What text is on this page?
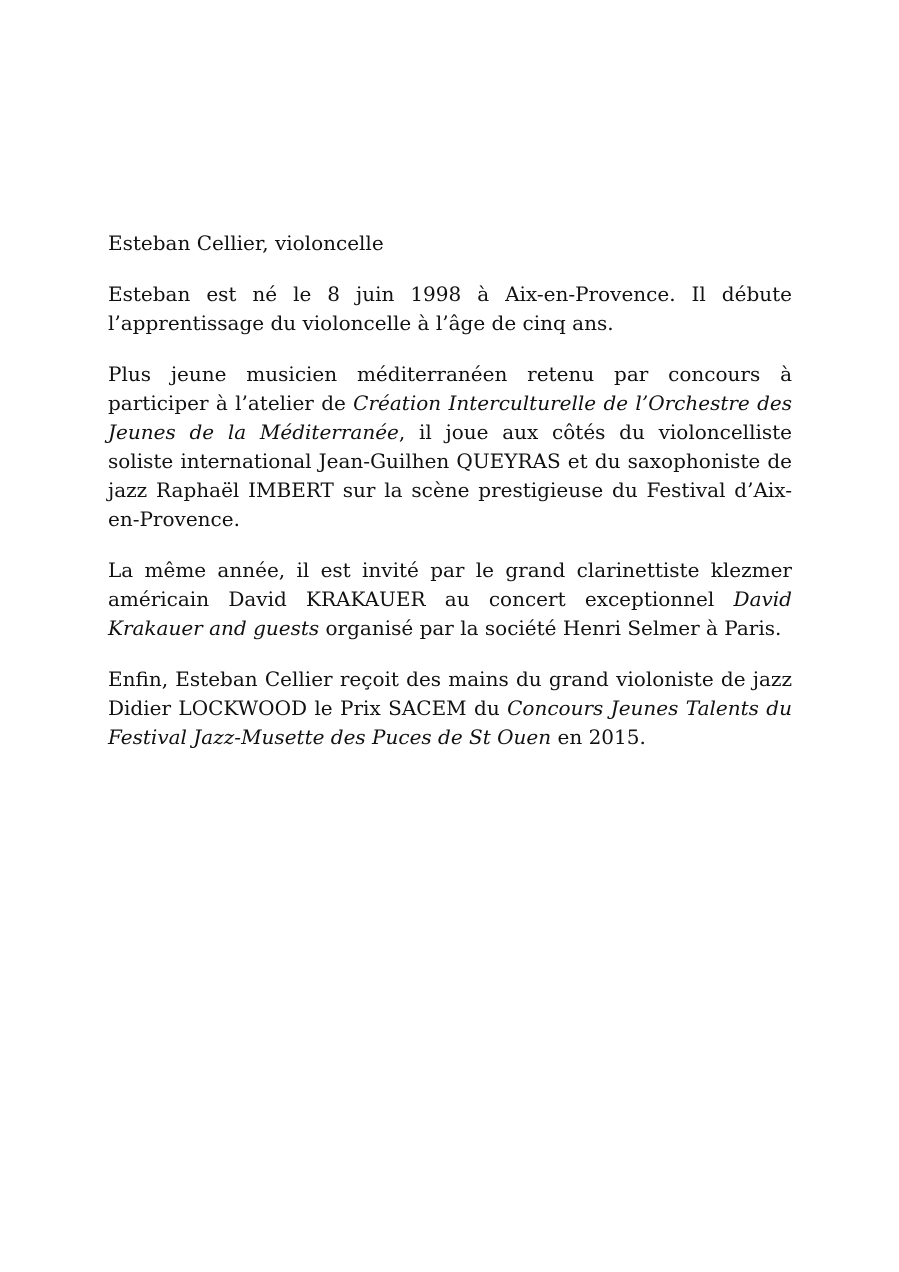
Esteban Cellier, violoncelle

Esteban est né le 8 juin 1998 à Aix-en-Provence. Il débute l’apprentissage du violoncelle à l’âge de cinq ans.

Plus jeune musicien méditerranéen retenu par concours à participer à l’atelier de Création Interculturelle de l’Orchestre des Jeunes de la Méditerranée, il joue aux côtés du violoncelliste soliste international Jean-Guilhen QUEYRAS et du saxophoniste de jazz Raphaël IMBERT sur la scène prestigieuse du Festival d’Aix-en-Provence.

La même année, il est invité par le grand clarinettiste klezmer américain David KRAKAUER au concert exceptionnel David Krakauer and guests organisé par la société Henri Selmer à Paris.

Enfin, Esteban Cellier reçoit des mains du grand violoniste de jazz Didier LOCKWOOD le Prix SACEM du Concours Jeunes Talents du Festival Jazz-Musette des Puces de St Ouen en 2015.
